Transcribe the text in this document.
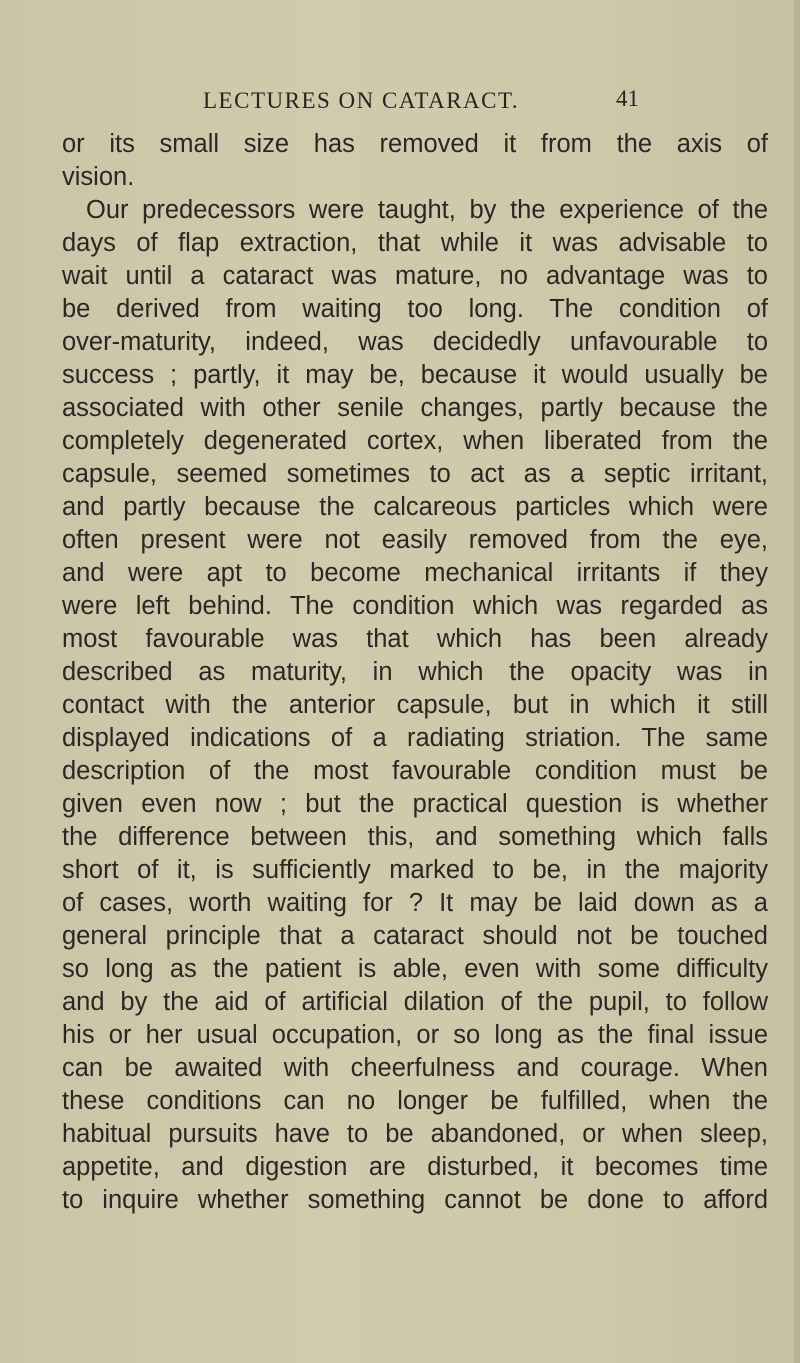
LECTURES ON CATARACT.	41
or its small size has removed it from the axis of
vision.
Our predecessors were taught, by the experience of the
days of flap extraction, that while it was advisable to
wait until a cataract was mature, no advantage was to
be derived from waiting too long. The condition of
over-maturity, indeed, was decidedly unfavourable to
success ; partly, it may be, because it would usually be
associated with other senile changes, partly because the
completely degenerated cortex, when liberated from the
capsule, seemed sometimes to act as a septic irritant,
and partly because the calcareous particles which were
often present were not easily removed from the eye,
and were apt to become mechanical irritants if they
were left behind. The condition which was regarded as
most favourable was that which has been already
described as maturity, in which the opacity was in
contact with the anterior capsule, but in which it still
displayed indications of a radiating striation. The same
description of the most favourable condition must be
given even now ; but the practical question is whether
the difference between this, and something which falls
short of it, is sufficiently marked to be, in the majority
of cases, worth waiting for ? It may be laid down as a
general principle that a cataract should not be touched
so long as the patient is able, even with some difficulty
and by the aid of artificial dilation of the pupil, to follow
his or her usual occupation, or so long as the final issue
can be awaited with cheerfulness and courage. When
these conditions can no longer be fulfilled, when the
habitual pursuits have to be abandoned, or when sleep,
appetite, and digestion are disturbed, it becomes time
to inquire whether something cannot be done to afford
